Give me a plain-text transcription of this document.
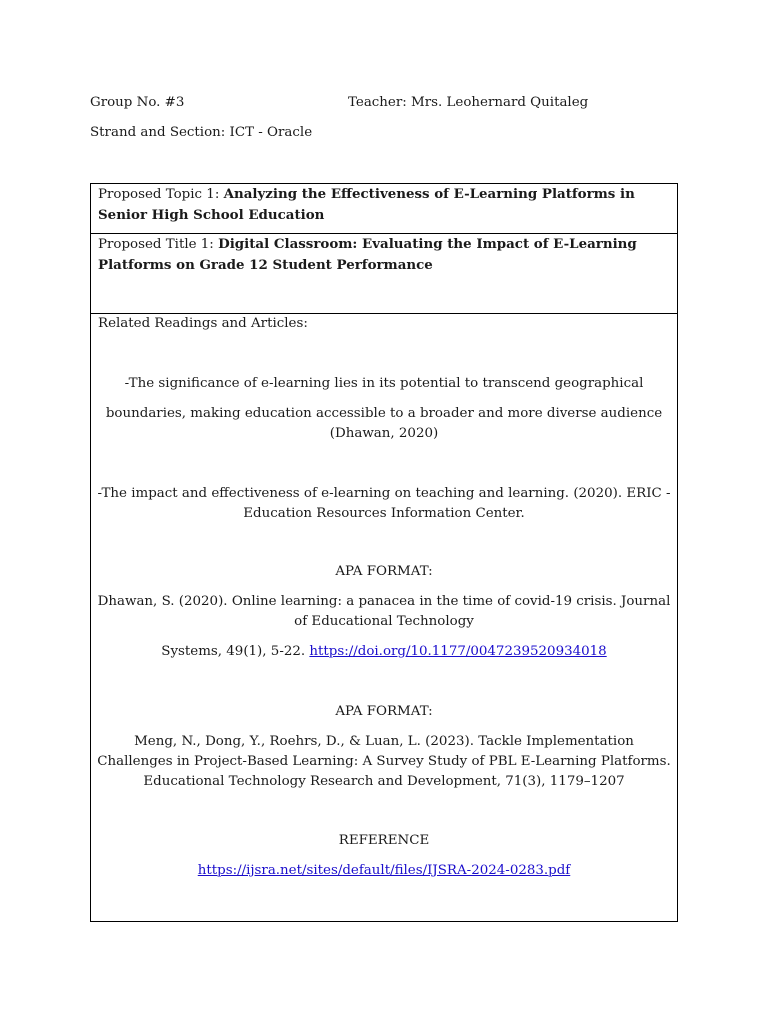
Group No. #3	Teacher: Mrs. Leohernard Quitaleg
Strand and Section: ICT - Oracle
Proposed Topic 1: Analyzing the Effectiveness of E-Learning Platforms in Senior High School Education
Proposed Title 1: Digital Classroom: Evaluating the Impact of E-Learning Platforms on Grade 12 Student Performance
Related Readings and Articles:
-The significance of e-learning lies in its potential to transcend geographical
boundaries, making education accessible to a broader and more diverse audience (Dhawan, 2020)
-The impact and effectiveness of e-learning on teaching and learning. (2020). ERIC - Education Resources Information Center.
APA FORMAT:
Dhawan, S. (2020). Online learning: a panacea in the time of covid-19 crisis. Journal of Educational Technology
Systems, 49(1), 5-22. https://doi.org/10.1177/0047239520934018
APA FORMAT:
Meng, N., Dong, Y., Roehrs, D., & Luan, L. (2023). Tackle Implementation Challenges in Project-Based Learning: A Survey Study of PBL E-Learning Platforms. Educational Technology Research and Development, 71(3), 1179–1207
REFERENCE
https://ijsra.net/sites/default/files/IJSRA-2024-0283.pdf
